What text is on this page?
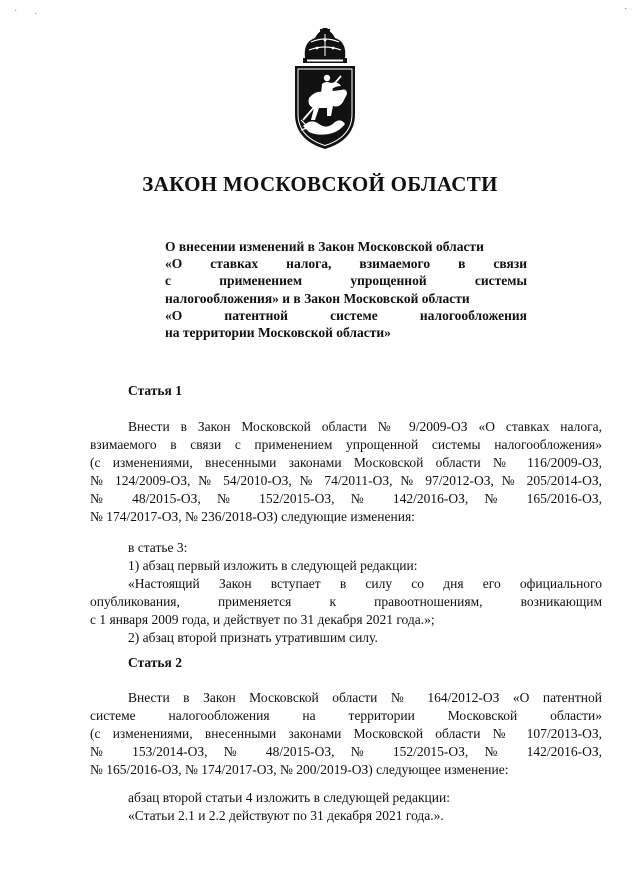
· ·	·
ЗАКОН МОСКОВСКОЙ ОБЛАСТИ
О внесении изменений в Закон Московской области
«О ставках налога, взимаемого в связи
с применением упрощенной системы
налогообложения» и в Закон Московской области
«О патентной системе налогообложения
на территории Московской области»
Статья 1
Внести в Закон Московской области № 9/2009-ОЗ «О ставках налога,
взимаемого в связи с применением упрощенной системы налогообложения»
(с изменениями, внесенными законами Московской области № 116/2009-ОЗ,
№ 124/2009-ОЗ, № 54/2010-ОЗ, № 74/2011-ОЗ, № 97/2012-ОЗ, № 205/2014-ОЗ,
№ 48/2015-ОЗ, № 152/2015-ОЗ, № 142/2016-ОЗ, № 165/2016-ОЗ,
№ 174/2017-ОЗ, № 236/2018-ОЗ) следующие изменения:
в статье 3:
1) абзац первый изложить в следующей редакции:
«Настоящий Закон вступает в силу со дня его официального
опубликования, применяется к правоотношениям, возникающим
с 1 января 2009 года, и действует по 31 декабря 2021 года.»;
2) абзац второй признать утратившим силу.
Статья 2
Внести в Закон Московской области № 164/2012-ОЗ «О патентной
системе налогообложения на территории Московской области»
(с изменениями, внесенными законами Московской области № 107/2013-ОЗ,
№ 153/2014-ОЗ, № 48/2015-ОЗ, № 152/2015-ОЗ, № 142/2016-ОЗ,
№ 165/2016-ОЗ, № 174/2017-ОЗ, № 200/2019-ОЗ) следующее изменение:
абзац второй статьи 4 изложить в следующей редакции:
«Статьи 2.1 и 2.2 действуют по 31 декабря 2021 года.».
